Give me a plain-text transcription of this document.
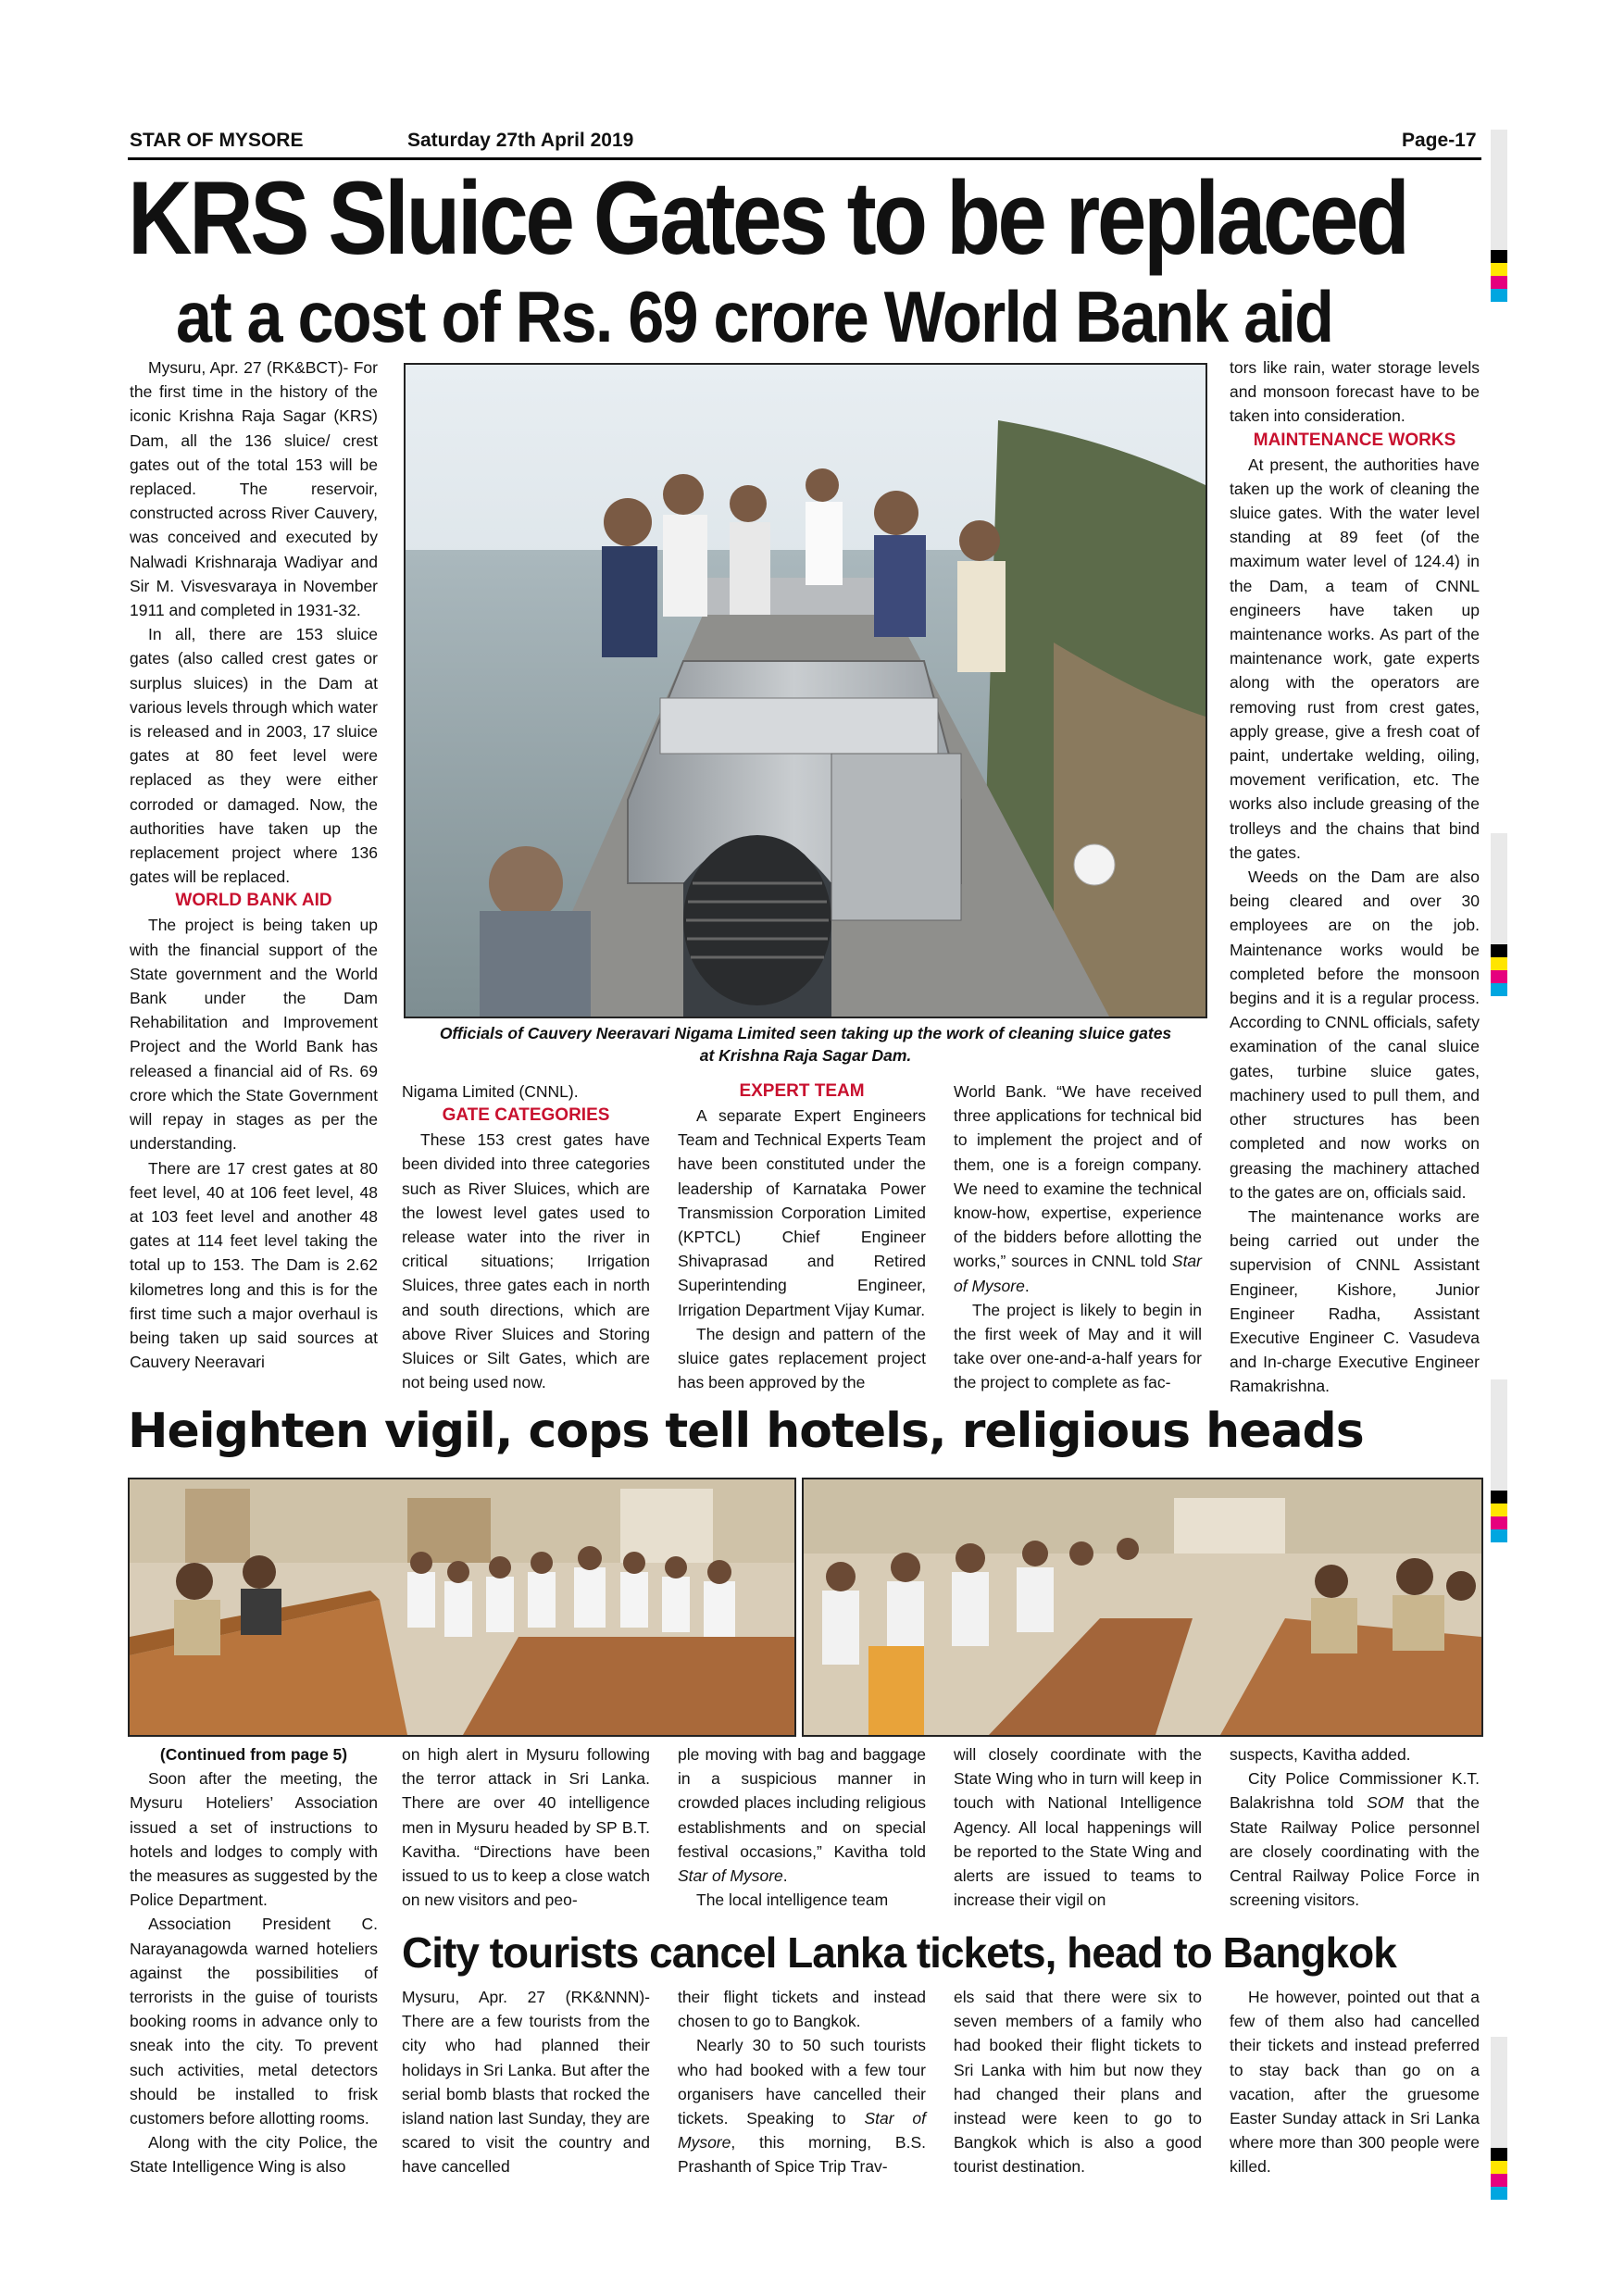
STAR OF MYSORE	Saturday 27th April 2019	Page-17
KRS Sluice Gates to be replaced
at a cost of Rs. 69 crore World Bank aid

Mysuru, Apr. 27 (RK&BCT)- For the first time in the history of the iconic Krishna Raja Sagar (KRS) Dam, all the 136 sluice/ crest gates out of the total 153 will be replaced. The reservoir, constructed across River Cauvery, was conceived and executed by Nalwadi Krishnaraja Wadiyar and Sir M. Visvesvaraya in November 1911 and completed in 1931-32.

In all, there are 153 sluice gates (also called crest gates or surplus sluices) in the Dam at various levels through which water is released and in 2003, 17 sluice gates at 80 feet level were replaced as they were either corroded or damaged. Now, the authorities have taken up the replacement project where 136 gates will be replaced.

WORLD BANK AID

The project is being taken up with the financial support of the State government and the World Bank under the Dam Rehabilitation and Improvement Project and the World Bank has released a financial aid of Rs. 69 crore which the State Government will repay in stages as per the understanding.

There are 17 crest gates at 80 feet level, 40 at 106 feet level, 48 at 103 feet level and another 48 gates at 114 feet level taking the total up to 153. The Dam is 2.62 kilometres long and this is for the first time such a major overhaul is being taken up said sources at Cauvery Neeravari

Officials of Cauvery Neeravari Nigama Limited seen taking up the work of cleaning sluice gates at Krishna Raja Sagar Dam.

Nigama Limited (CNNL).

GATE CATEGORIES

These 153 crest gates have been divided into three categories such as River Sluices, which are the lowest level gates used to release water into the river in critical situations; Irrigation Sluices, three gates each in north and south directions, which are above River Sluices and Storing Sluices or Silt Gates, which are not being used now.

EXPERT TEAM

A separate Expert Engineers Team and Technical Experts Team have been constituted under the leadership of Karnataka Power Transmission Corporation Limited (KPTCL) Chief Engineer Shivaprasad and Retired Superintending Engineer, Irrigation Department Vijay Kumar.

The design and pattern of the sluice gates replacement project has been approved by the

World Bank. “We have received three applications for technical bid to implement the project and of them, one is a foreign company. We need to examine the technical know-how, expertise, experience of the bidders before allotting the works,” sources in CNNL told Star of Mysore.

The project is likely to begin in the first week of May and it will take over one-and-a-half years for the project to complete as fac-

tors like rain, water storage levels and monsoon forecast have to be taken into consideration.

MAINTENANCE WORKS

At present, the authorities have taken up the work of cleaning the sluice gates. With the water level standing at 89 feet (of the maximum water level of 124.4) in the Dam, a team of CNNL engineers have taken up maintenance works. As part of the maintenance work, gate experts along with the operators are removing rust from crest gates, apply grease, give a fresh coat of paint, undertake welding, oiling, movement verification, etc. The works also include greasing of the trolleys and the chains that bind the gates.

Weeds on the Dam are also being cleared and over 30 employees are on the job. Maintenance works would be completed before the monsoon begins and it is a regular process. According to CNNL officials, safety examination of the canal sluice gates, turbine sluice gates, machinery used to pull them, and other structures has been completed and now works on greasing the machinery attached to the gates are on, officials said.

The maintenance works are being carried out under the supervision of CNNL Assistant Engineer, Kishore, Junior Engineer Radha, Assistant Executive Engineer C. Vasudeva and In-charge Executive Engineer Ramakrishna.

Heighten vigil, cops tell hotels, religious heads

(Continued from page 5)

Soon after the meeting, the Mysuru Hoteliers’ Association issued a set of instructions to hotels and lodges to comply with the measures as suggested by the Police Department.

Association President C. Narayanagowda warned hoteliers against the possibilities of terrorists in the guise of tourists booking rooms in advance only to sneak into the city. To prevent such activities, metal detectors should be installed to frisk customers before allotting rooms.

Along with the city Police, the State Intelligence Wing is also

on high alert in Mysuru following the terror attack in Sri Lanka. There are over 40 intelligence men in Mysuru headed by SP B.T. Kavitha. “Directions have been issued to us to keep a close watch on new visitors and peo-

ple moving with bag and baggage in a suspicious manner in crowded places including religious establishments and on special festival occasions,” Kavitha told Star of Mysore.

The local intelligence team

will closely coordinate with the State Wing who in turn will keep in touch with National Intelligence Agency. All local happenings will be reported to the State Wing and alerts are issued to teams to increase their vigil on

suspects, Kavitha added.

City Police Commissioner K.T. Balakrishna told SOM that the State Railway Police personnel are closely coordinating with the Central Railway Police Force in screening visitors.

City tourists cancel Lanka tickets, head to Bangkok

Mysuru, Apr. 27 (RK&NNN)- There are a few tourists from the city who had planned their holidays in Sri Lanka. But after the serial bomb blasts that rocked the island nation last Sunday, they are scared to visit the country and have cancelled

their flight tickets and instead chosen to go to Bangkok.

Nearly 30 to 50 such tourists who had booked with a few tour organisers have cancelled their tickets. Speaking to Star of Mysore, this morning, B.S. Prashanth of Spice Trip Trav-

els said that there were six to seven members of a family who had booked their flight tickets to Sri Lanka with him but now they had changed their plans and instead were keen to go to Bangkok which is also a good tourist destination.

He however, pointed out that a few of them also had cancelled their tickets and instead preferred to stay back than go on a vacation, after the gruesome Easter Sunday attack in Sri Lanka where more than 300 people were killed.
